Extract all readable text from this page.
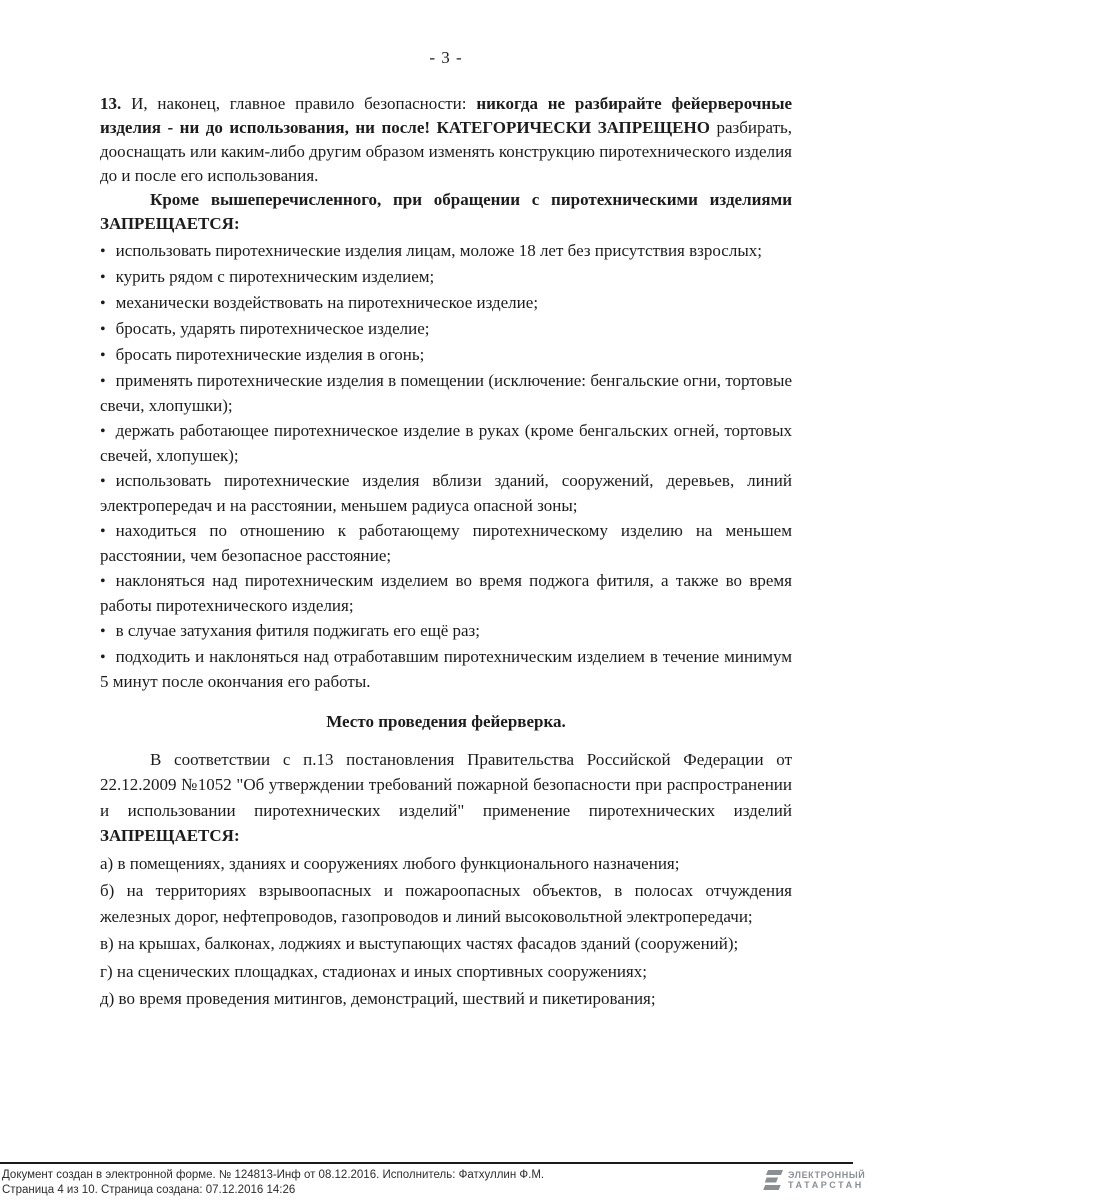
- 3 -

13. И, наконец, главное правило безопасности: никогда не разбирайте фейерверочные изделия - ни до использования, ни после! КАТЕГОРИЧЕСКИ ЗАПРЕЩЕНО разбирать, дооснащать или каким-либо другим образом изменять конструкцию пиротехнического изделия до и после его использования.

Кроме вышеперечисленного, при обращении с пиротехническими изделиями ЗАПРЕЩАЕТСЯ:

• использовать пиротехнические изделия лицам, моложе 18 лет без присутствия взрослых;

• курить рядом с пиротехническим изделием;

• механически воздействовать на пиротехническое изделие;

• бросать, ударять пиротехническое изделие;

• бросать пиротехнические изделия в огонь;

• применять пиротехнические изделия в помещении (исключение: бенгальские огни, тортовые свечи, хлопушки);

• держать работающее пиротехническое изделие в руках (кроме бенгальских огней, тортовых свечей, хлопушек);

• использовать пиротехнические изделия вблизи зданий, сооружений, деревьев, линий электропередач и на расстоянии, меньшем радиуса опасной зоны;

• находиться по отношению к работающему пиротехническому изделию на меньшем расстоянии, чем безопасное расстояние;

• наклоняться над пиротехническим изделием во время поджога фитиля, а также во время работы пиротехнического изделия;

• в случае затухания фитиля поджигать его ещё раз;

• подходить и наклоняться над отработавшим пиротехническим изделием в течение минимум 5 минут после окончания его работы.

Место проведения фейерверка.

В соответствии с п.13 постановления Правительства Российской Федерации от 22.12.2009 №1052 "Об утверждении требований пожарной безопасности при распространении и использовании пиротехнических изделий" применение пиротехнических изделий ЗАПРЕЩАЕТСЯ:

а) в помещениях, зданиях и сооружениях любого функционального назначения;

б) на территориях взрывоопасных и пожароопасных объектов, в полосах отчуждения железных дорог, нефтепроводов, газопроводов и линий высоковольтной электропередачи;

в) на крышах, балконах, лоджиях и выступающих частях фасадов зданий (сооружений);

г) на сценических площадках, стадионах и иных спортивных сооружениях;

д) во время проведения митингов, демонстраций, шествий и пикетирования;

Документ создан в электронной форме. № 124813-Инф от 08.12.2016. Исполнитель: Фатхуллин Ф.М.
Страница 4 из 10. Страница создана: 07.12.2016 14:26
ЭЛЕКТРОННЫЙ
ТАТАРСТАН
